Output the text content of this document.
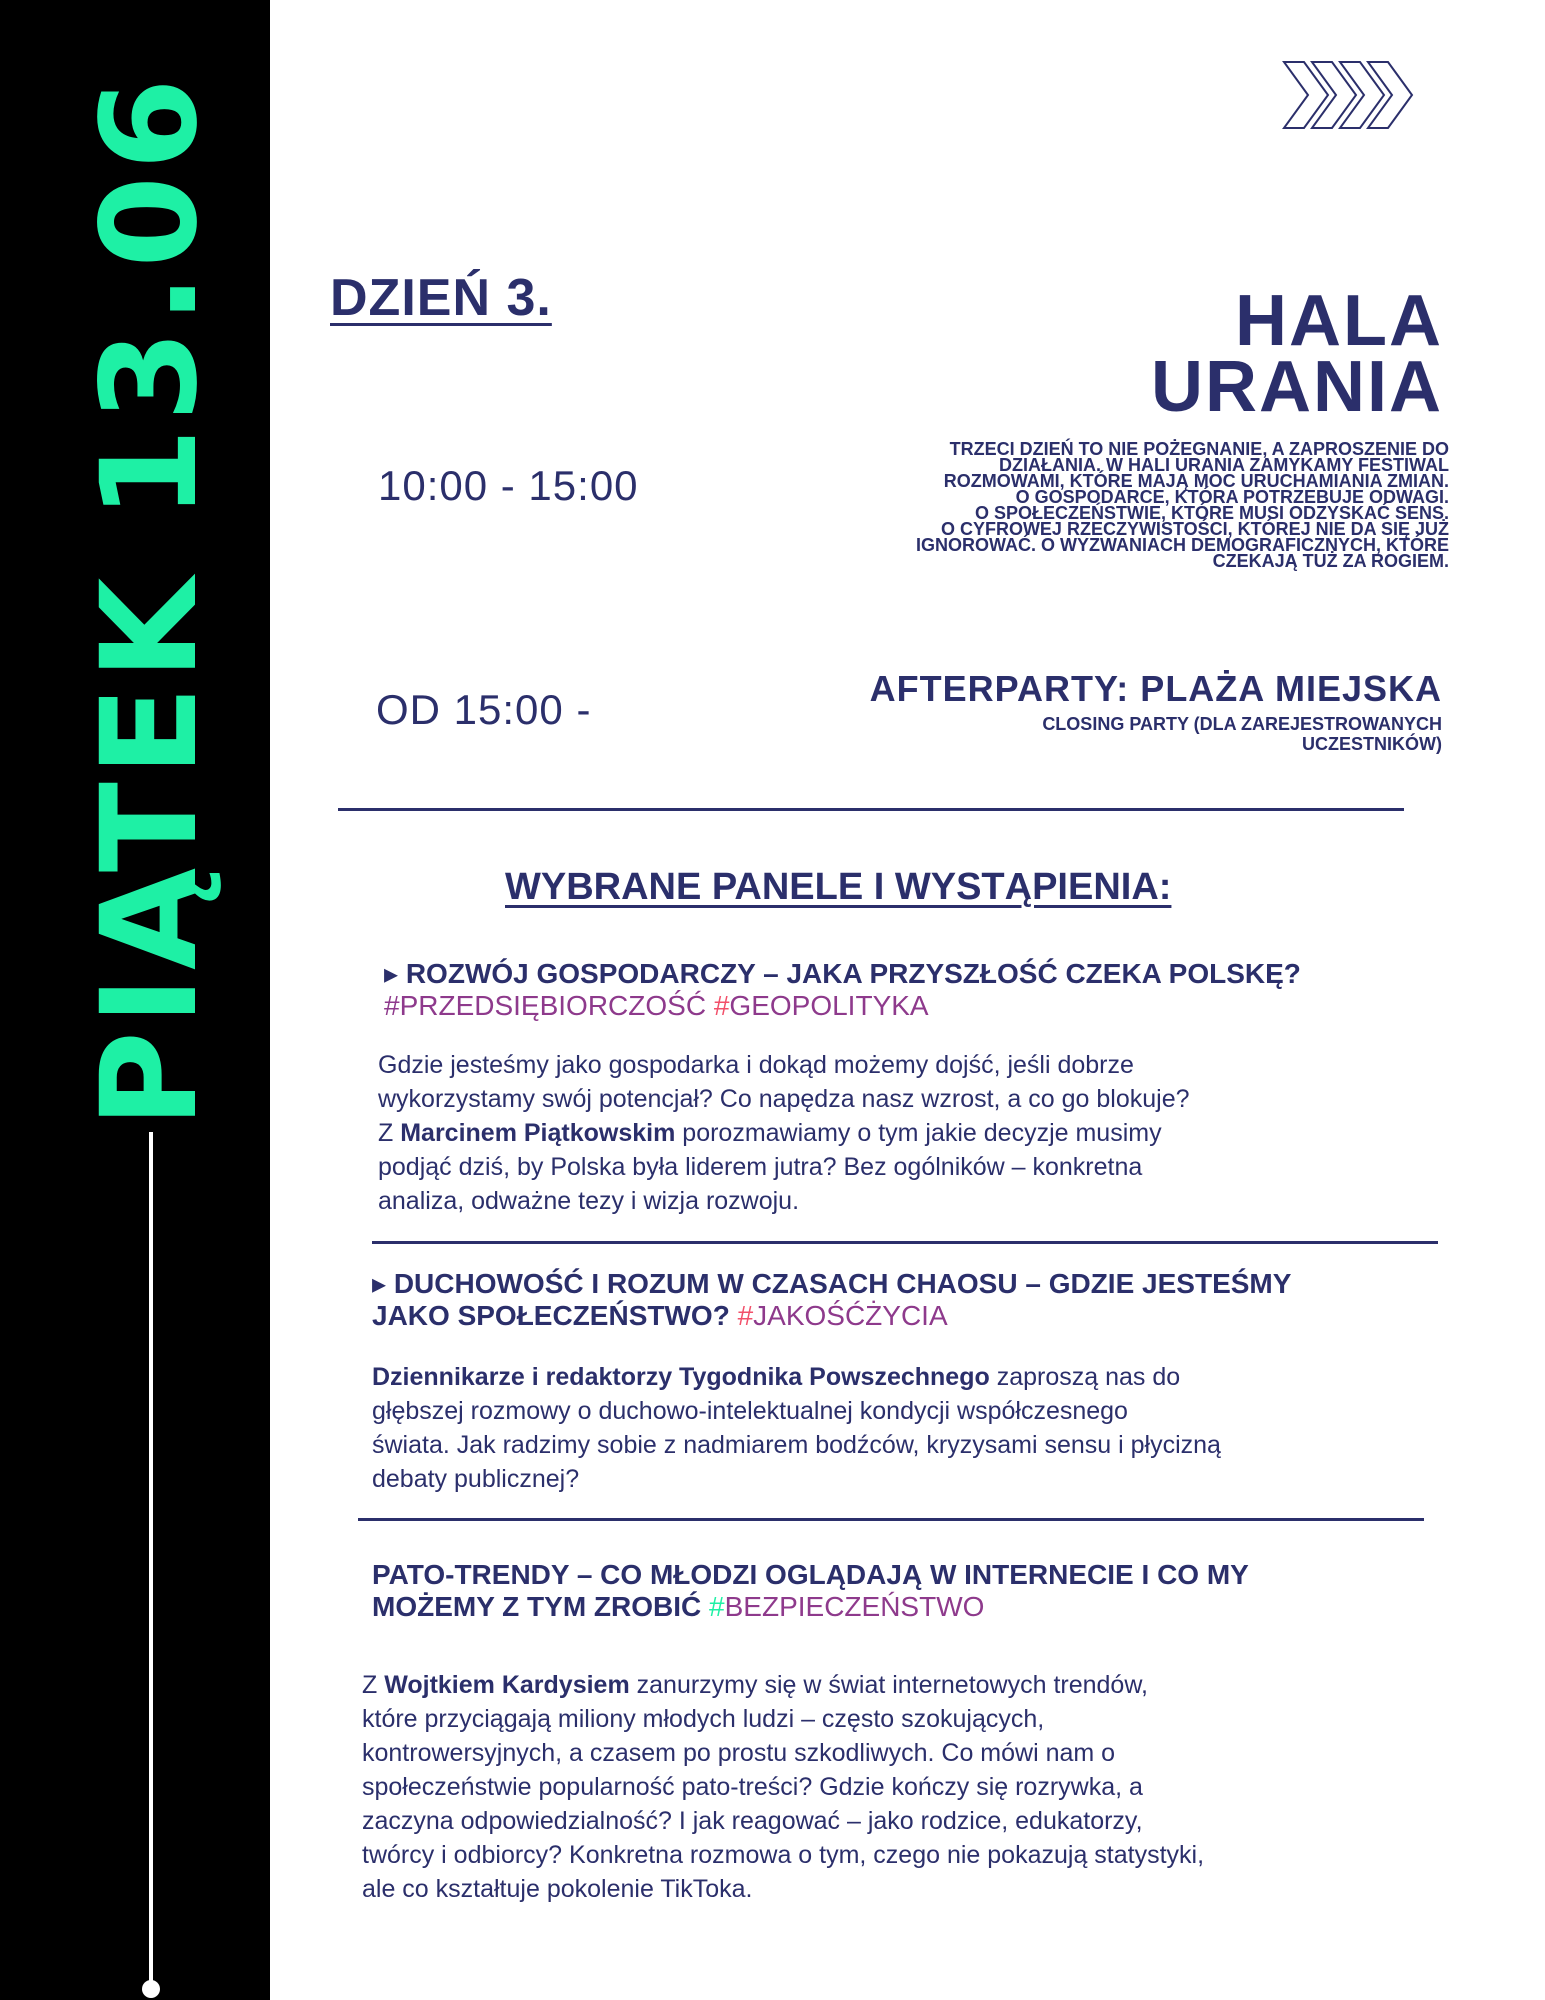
PIĄTEK 13.06 DZIEŃ 3.	HALA
URANIA
10:00 - 15:00
TRZECI DZIEŃ TO NIE POŻEGNANIE, A ZAPROSZENIE DO
DZIAŁANIA. W HALI URANIA ZAMYKAMY FESTIWAL
ROZMOWAMI, KTÓRE MAJĄ MOC URUCHAMIANIA ZMIAN.
O GOSPODARCE, KTÓRA POTRZEBUJE ODWAGI.
O SPOŁECZEŃSTWIE, KTÓRE MUSI ODZYSKAĆ SENS.
O CYFROWEJ RZECZYWISTOŚCI, KTÓREJ NIE DA SIĘ JUŻ
IGNOROWAĆ. O WYZWANIACH DEMOGRAFICZNYCH, KTÓRE
CZEKAJĄ TUŻ ZA ROGIEM.
OD 15:00 -	AFTERPARTY: PLAŻA MIEJSKA
CLOSING PARTY (DLA ZAREJESTROWANYCH
UCZESTNIKÓW)
WYBRANE PANELE I WYSTĄPIENIA:
▸ ROZWÓJ GOSPODARCZY – JAKA PRZYSZŁOŚĆ CZEKA POLSKĘ?
#PRZEDSIĘBIORCZOŚĆ #GEOPOLITYKA
Gdzie jesteśmy jako gospodarka i dokąd możemy dojść, jeśli dobrze
wykorzystamy swój potencjał? Co napędza nasz wzrost, a co go blokuje?
Z Marcinem Piątkowskim porozmawiamy o tym jakie decyzje musimy
podjąć dziś, by Polska była liderem jutra? Bez ogólników – konkretna
analiza, odważne tezy i wizja rozwoju.
▸ DUCHOWOŚĆ I ROZUM W CZASACH CHAOSU – GDZIE JESTEŚMY
JAKO SPOŁECZEŃSTWO? #JAKOŚĆŻYCIA
Dziennikarze i redaktorzy Tygodnika Powszechnego zaproszą nas do
głębszej rozmowy o duchowo-intelektualnej kondycji współczesnego
świata. Jak radzimy sobie z nadmiarem bodźców, kryzysami sensu i płycizną
debaty publicznej?
PATO-TRENDY – CO MŁODZI OGLĄDAJĄ W INTERNECIE I CO MY
MOŻEMY Z TYM ZROBIĆ #BEZPIECZEŃSTWO
Z Wojtkiem Kardysiem zanurzymy się w świat internetowych trendów,
które przyciągają miliony młodych ludzi – często szokujących,
kontrowersyjnych, a czasem po prostu szkodliwych. Co mówi nam o
społeczeństwie popularność pato-treści? Gdzie kończy się rozrywka, a
zaczyna odpowiedzialność? I jak reagować – jako rodzice, edukatorzy,
twórcy i odbiorcy? Konkretna rozmowa o tym, czego nie pokazują statystyki,
ale co kształtuje pokolenie TikToka.
